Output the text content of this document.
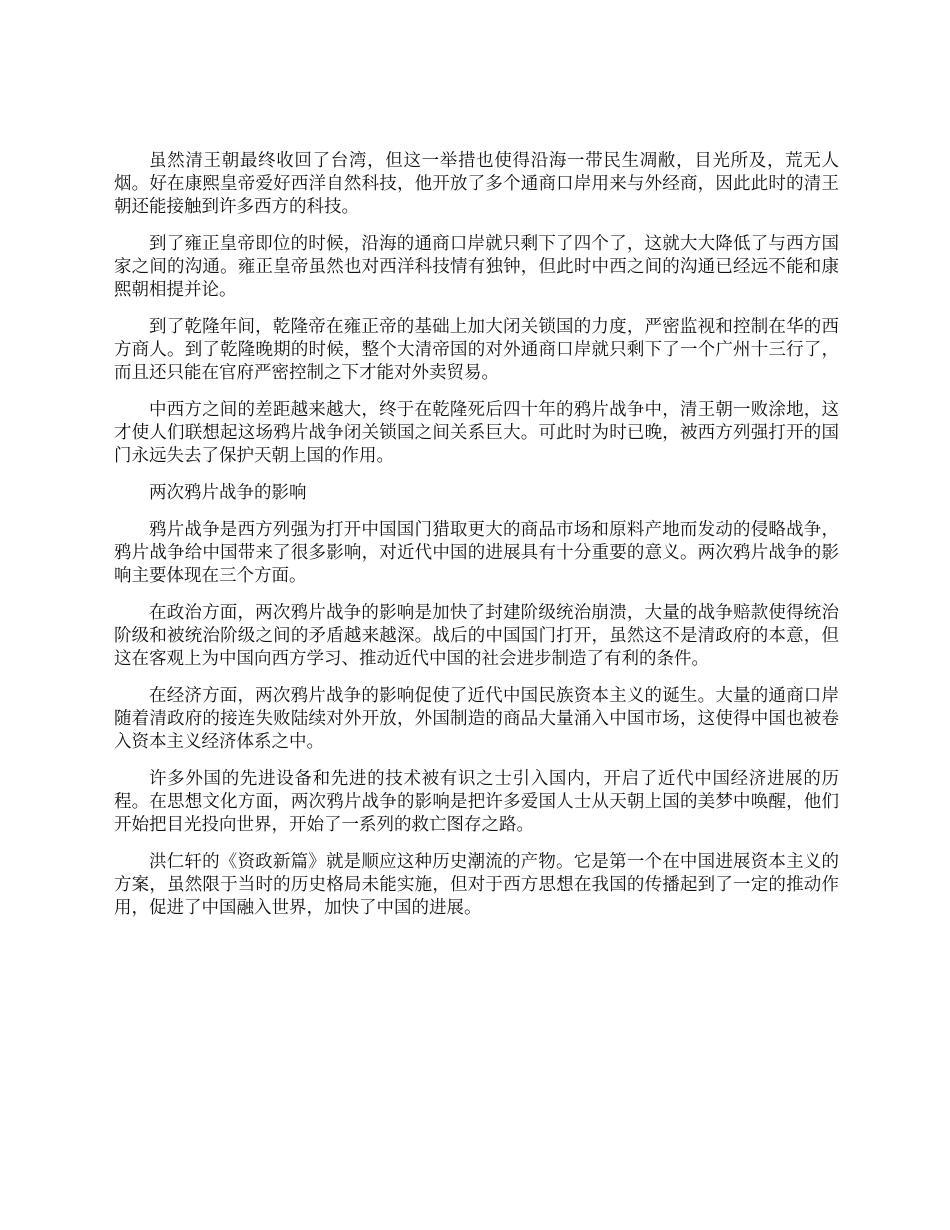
虽然清王朝最终收回了台湾，但这一举措也使得沿海一带民生凋敝，目光所及，荒无人烟。好在康熙皇帝爱好西洋自然科技，他开放了多个通商口岸用来与外经商，因此此时的清王朝还能接触到许多西方的科技。

到了雍正皇帝即位的时候，沿海的通商口岸就只剩下了四个了，这就大大降低了与西方国家之间的沟通。雍正皇帝虽然也对西洋科技情有独钟，但此时中西之间的沟通已经远不能和康熙朝相提并论。

到了乾隆年间，乾隆帝在雍正帝的基础上加大闭关锁国的力度，严密监视和控制在华的西方商人。到了乾隆晚期的时候，整个大清帝国的对外通商口岸就只剩下了一个广州十三行了，而且还只能在官府严密控制之下才能对外卖贸易。

中西方之间的差距越来越大，终于在乾隆死后四十年的鸦片战争中，清王朝一败涂地，这才使人们联想起这场鸦片战争闭关锁国之间关系巨大。可此时为时已晚，被西方列强打开的国门永远失去了保护天朝上国的作用。

两次鸦片战争的影响

鸦片战争是西方列强为打开中国国门猎取更大的商品市场和原料产地而发动的侵略战争，鸦片战争给中国带来了很多影响，对近代中国的进展具有十分重要的意义。两次鸦片战争的影响主要体现在三个方面。

在政治方面，两次鸦片战争的影响是加快了封建阶级统治崩溃，大量的战争赔款使得统治阶级和被统治阶级之间的矛盾越来越深。战后的中国国门打开，虽然这不是清政府的本意，但这在客观上为中国向西方学习、推动近代中国的社会进步制造了有利的条件。

在经济方面，两次鸦片战争的影响促使了近代中国民族资本主义的诞生。大量的通商口岸随着清政府的接连失败陆续对外开放，外国制造的商品大量涌入中国市场，这使得中国也被卷入资本主义经济体系之中。

许多外国的先进设备和先进的技术被有识之士引入国内，开启了近代中国经济进展的历程。在思想文化方面，两次鸦片战争的影响是把许多爱国人士从天朝上国的美梦中唤醒，他们开始把目光投向世界，开始了一系列的救亡图存之路。

洪仁轩的《资政新篇》就是顺应这种历史潮流的产物。它是第一个在中国进展资本主义的方案，虽然限于当时的历史格局未能实施，但对于西方思想在我国的传播起到了一定的推动作用，促进了中国融入世界，加快了中国的进展。
